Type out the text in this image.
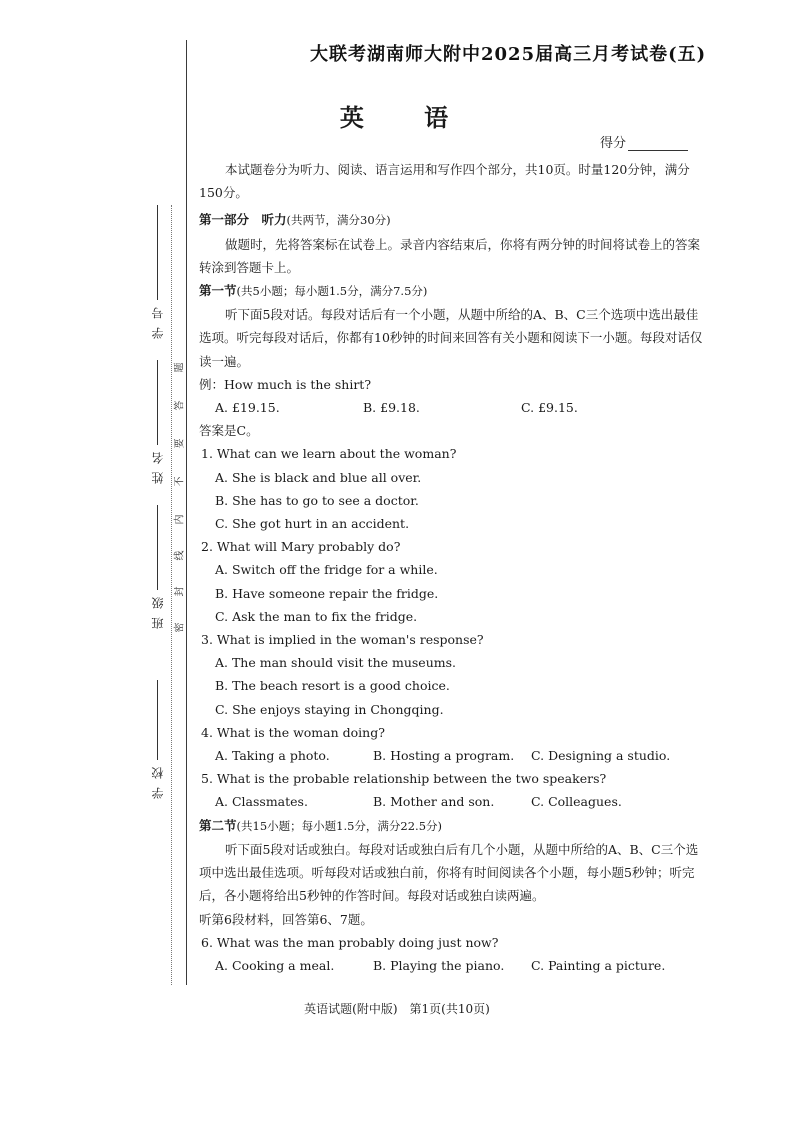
学 号
姓 名
班 级
学 校
题
答
要
不
内
线
封
密
大联考湖南师大附中2025届高三月考试卷(五)
英 语
得分

本试题卷分为听力、阅读、语言运用和写作四个部分，共10页。时量120分钟，满分150分。

第一部分　听力(共两节，满分30分)

做题时，先将答案标在试卷上。录音内容结束后，你将有两分钟的时间将试卷上的答案转涂到答题卡上。

第一节(共5小题；每小题1.5分，满分7.5分)

听下面5段对话。每段对话后有一个小题，从题中所给的A、B、C三个选项中选出最佳选项。听完每段对话后，你都有10秒钟的时间来回答有关小题和阅读下一小题。每段对话仅读一遍。

例：How much is the shirt?

A. £19.15.	B. £9.18.	C. £9.15.

答案是C。

1. What can we learn about the woman?

A. She is black and blue all over.

B. She has to go to see a doctor.

C. She got hurt in an accident.

2. What will Mary probably do?

A. Switch off the fridge for a while.

B. Have someone repair the fridge.

C. Ask the man to fix the fridge.

3. What is implied in the woman's response?

A. The man should visit the museums.

B. The beach resort is a good choice.

C. She enjoys staying in Chongqing.

4. What is the woman doing?

A. Taking a photo.	B. Hosting a program.	C. Designing a studio.

5. What is the probable relationship between the two speakers?

A. Classmates.	B. Mother and son.	C. Colleagues.

第二节(共15小题；每小题1.5分，满分22.5分)

听下面5段对话或独白。每段对话或独白后有几个小题，从题中所给的A、B、C三个选项中选出最佳选项。听每段对话或独白前，你将有时间阅读各个小题，每小题5秒钟；听完后，各小题将给出5秒钟的作答时间。每段对话或独白读两遍。

听第6段材料，回答第6、7题。

6. What was the man probably doing just now?

A. Cooking a meal.	B. Playing the piano.	C. Painting a picture.

英语试题(附中版)　第1页(共10页)
